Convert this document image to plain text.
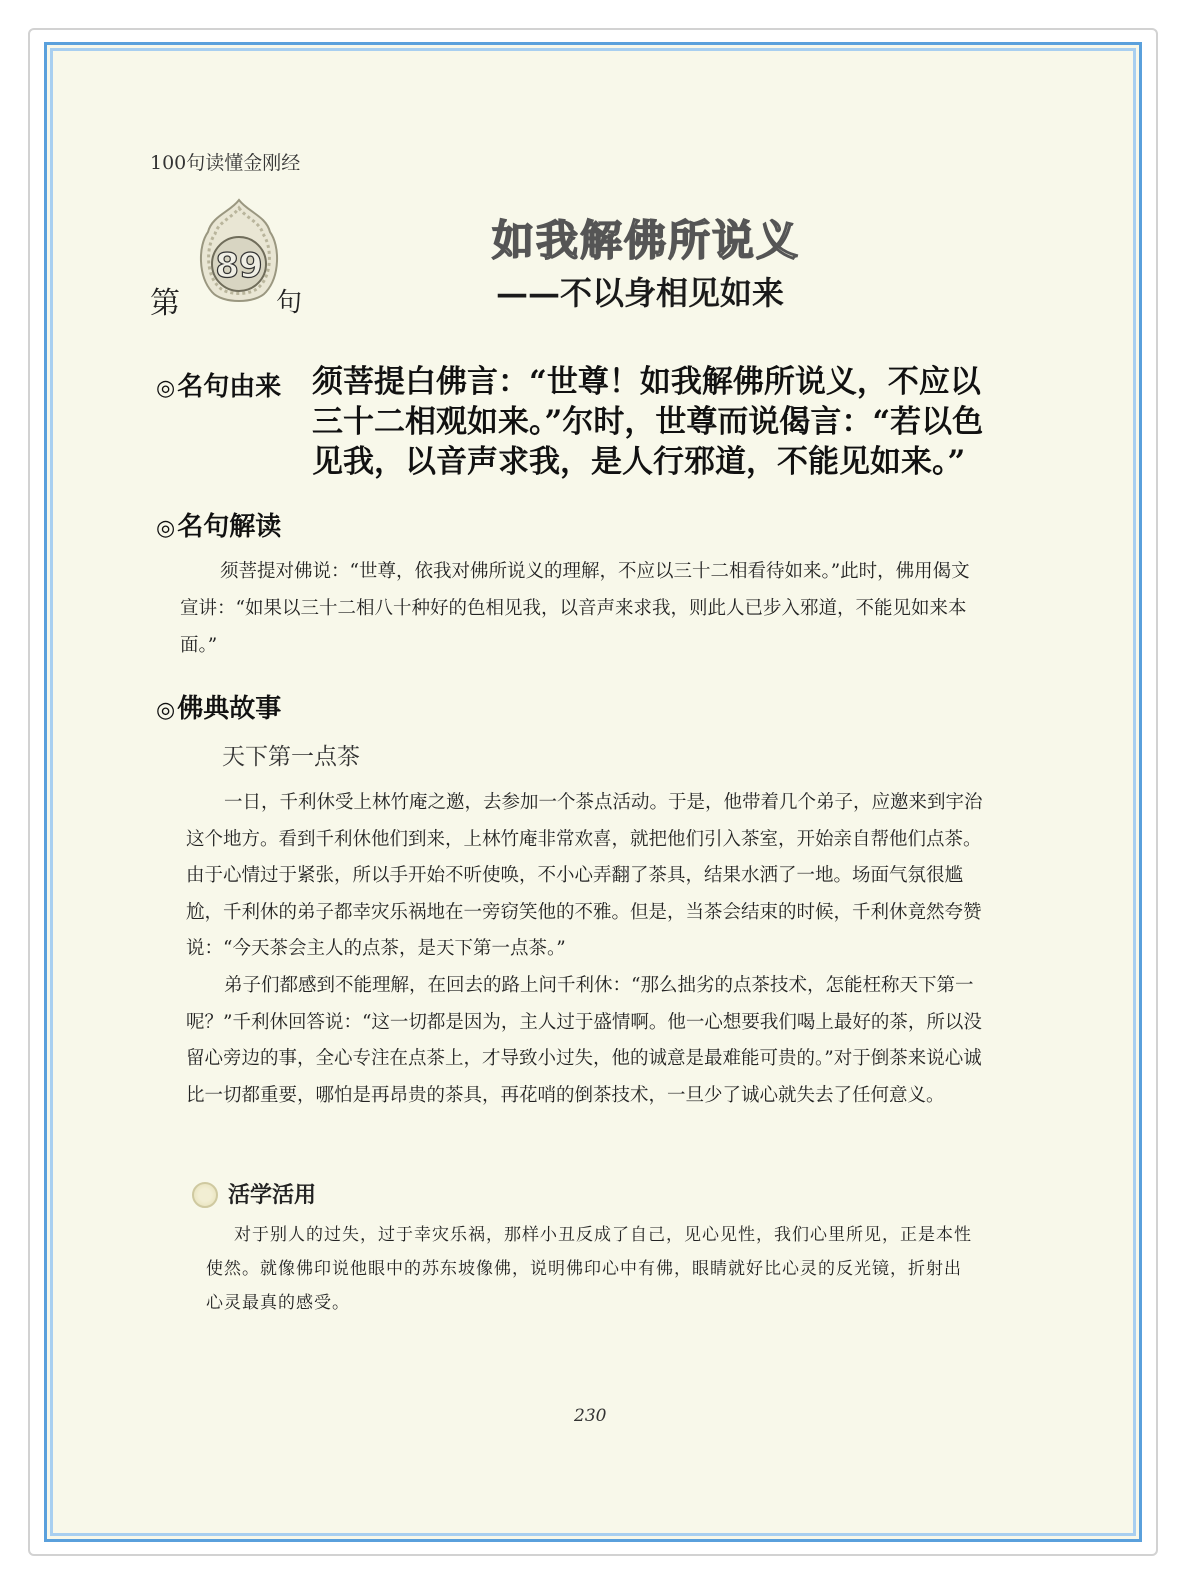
100句读懂金刚经
89
第	句
如我解佛所说义
——不以身相见如来
◎名句由来 须菩提白佛言：“世尊！如我解佛所说义，不应以三十二相观如来。”尔时，世尊而说偈言：“若以色见我，以音声求我，是人行邪道，不能见如来。”
◎名句解读
须菩提对佛说：“世尊，依我对佛所说义的理解，不应以三十二相看待如来。”此时，佛用偈文宣讲：“如果以三十二相八十种好的色相见我，以音声来求我，则此人已步入邪道，不能见如来本面。”
◎佛典故事
天下第一点茶

一日，千利休受上林竹庵之邀，去参加一个茶点活动。于是，他带着几个弟子，应邀来到宇治这个地方。看到千利休他们到来，上林竹庵非常欢喜，就把他们引入茶室，开始亲自帮他们点茶。由于心情过于紧张，所以手开始不听使唤，不小心弄翻了茶具，结果水洒了一地。场面气氛很尴尬，千利休的弟子都幸灾乐祸地在一旁窃笑他的不雅。但是，当茶会结束的时候，千利休竟然夸赞说：“今天茶会主人的点茶，是天下第一点茶。”

弟子们都感到不能理解，在回去的路上问千利休：“那么拙劣的点茶技术，怎能枉称天下第一呢？”千利休回答说：“这一切都是因为，主人过于盛情啊。他一心想要我们喝上最好的茶，所以没留心旁边的事，全心专注在点茶上，才导致小过失，他的诚意是最难能可贵的。”对于倒茶来说心诚比一切都重要，哪怕是再昂贵的茶具，再花哨的倒茶技术，一旦少了诚心就失去了任何意义。

活学活用
对于别人的过失，过于幸灾乐祸，那样小丑反成了自己，见心见性，我们心里所见，正是本性使然。就像佛印说他眼中的苏东坡像佛，说明佛印心中有佛，眼睛就好比心灵的反光镜，折射出心灵最真的感受。
230
